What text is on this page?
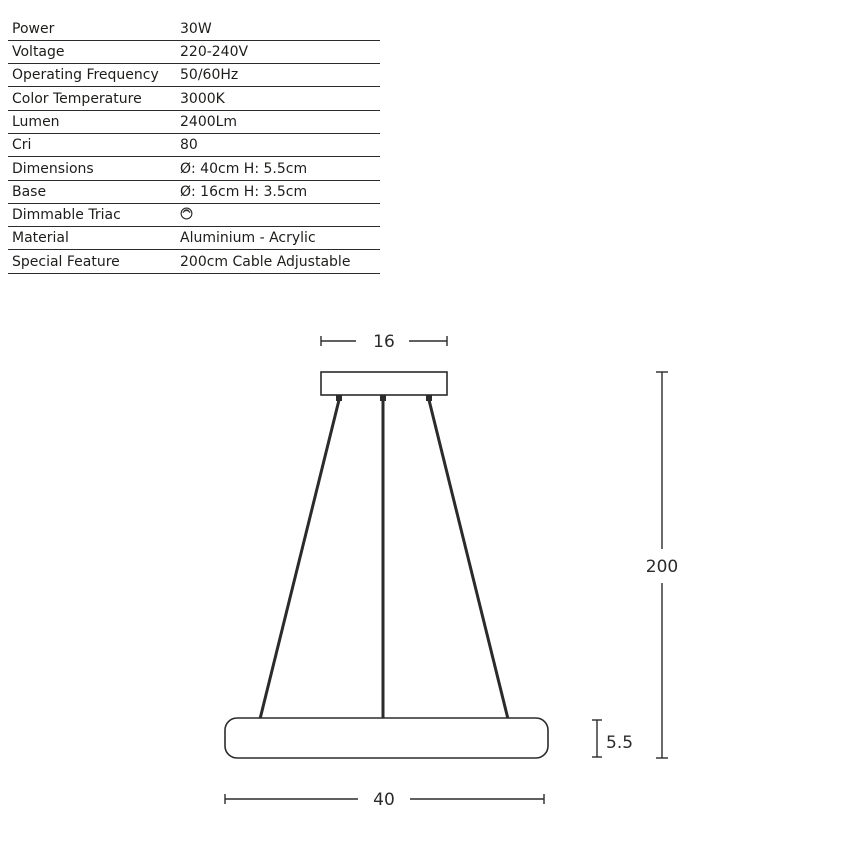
Power	30W
Voltage	220-240V
Operating Frequency	50/60Hz
Color Temperature	3000K
Lumen	2400Lm
Cri	80
Dimensions	Ø: 40cm H: 5.5cm
Base	Ø: 16cm H: 3.5cm
Dimmable Triac	
Material	Aluminium - Acrylic
Special Feature	200cm Cable Adjustable
16
40
5.5
200
